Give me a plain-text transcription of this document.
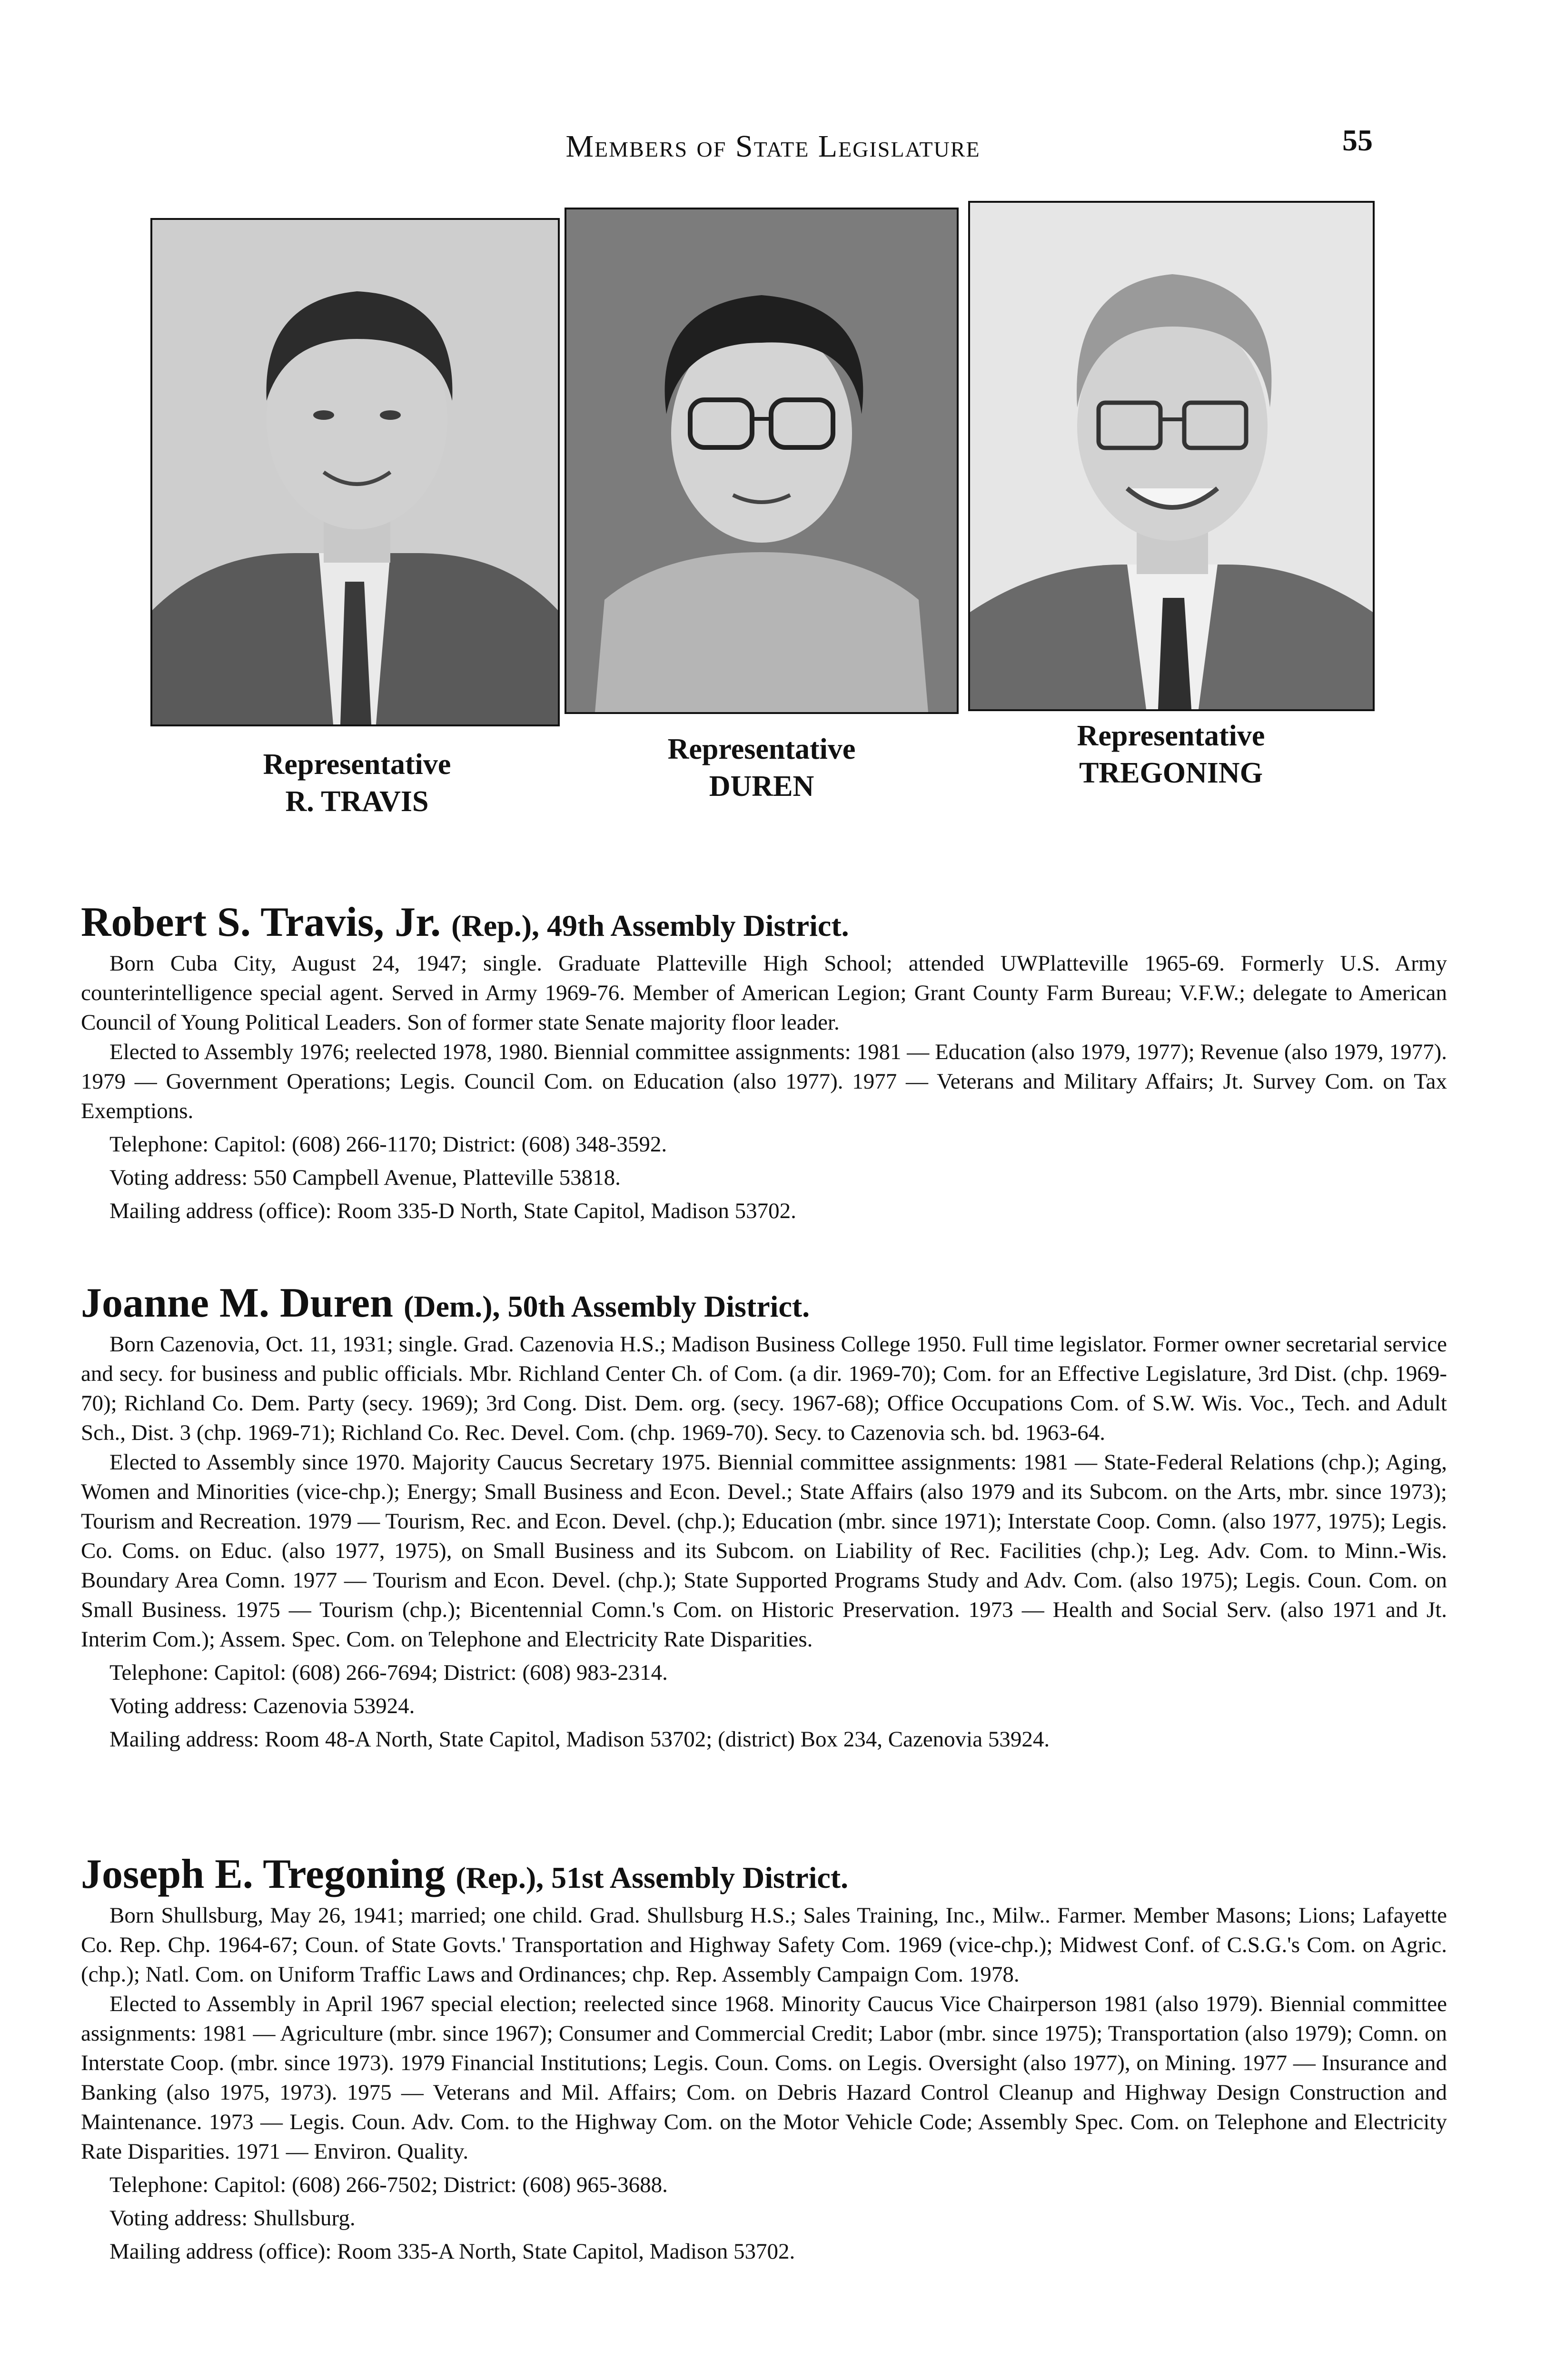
Members of State Legislature	55
Representative
R. TRAVIS
Representative
DUREN
Representative
TREGONING
Robert S. Travis, Jr. (Rep.), 49th Assembly District.

Born Cuba City, August 24, 1947; single. Graduate Platteville High School; attended UWPlatteville 1965-69. Formerly U.S. Army counterintelligence special agent. Served in Army 1969-76. Member of American Legion; Grant County Farm Bureau; V.F.W.; delegate to American Council of Young Political Leaders. Son of former state Senate majority floor leader.

Elected to Assembly 1976; reelected 1978, 1980. Biennial committee assignments: 1981 — Education (also 1979, 1977); Revenue (also 1979, 1977). 1979 — Government Operations; Legis. Council Com. on Education (also 1977). 1977 — Veterans and Military Affairs; Jt. Survey Com. on Tax Exemptions.

Telephone: Capitol: (608) 266-1170; District: (608) 348-3592.

Voting address: 550 Campbell Avenue, Platteville 53818.

Mailing address (office): Room 335-D North, State Capitol, Madison 53702.

Joanne M. Duren (Dem.), 50th Assembly District.

Born Cazenovia, Oct. 11, 1931; single. Grad. Cazenovia H.S.; Madison Business College 1950. Full time legislator. Former owner secretarial service and secy. for business and public officials. Mbr. Richland Center Ch. of Com. (a dir. 1969-70); Com. for an Effective Legislature, 3rd Dist. (chp. 1969-70); Richland Co. Dem. Party (secy. 1969); 3rd Cong. Dist. Dem. org. (secy. 1967-68); Office Occupations Com. of S.W. Wis. Voc., Tech. and Adult Sch., Dist. 3 (chp. 1969-71); Richland Co. Rec. Devel. Com. (chp. 1969-70). Secy. to Cazenovia sch. bd. 1963-64.

Elected to Assembly since 1970. Majority Caucus Secretary 1975. Biennial committee assignments: 1981 — State-Federal Relations (chp.); Aging, Women and Minorities (vice-chp.); Energy; Small Business and Econ. Devel.; State Affairs (also 1979 and its Subcom. on the Arts, mbr. since 1973); Tourism and Recreation. 1979 — Tourism, Rec. and Econ. Devel. (chp.); Education (mbr. since 1971); Interstate Coop. Comn. (also 1977, 1975); Legis. Co. Coms. on Educ. (also 1977, 1975), on Small Business and its Subcom. on Liability of Rec. Facilities (chp.); Leg. Adv. Com. to Minn.-Wis. Boundary Area Comn. 1977 — Tourism and Econ. Devel. (chp.); State Supported Programs Study and Adv. Com. (also 1975); Legis. Coun. Com. on Small Business. 1975 — Tourism (chp.); Bicentennial Comn.'s Com. on Historic Preservation. 1973 — Health and Social Serv. (also 1971 and Jt. Interim Com.); Assem. Spec. Com. on Telephone and Electricity Rate Disparities.

Telephone: Capitol: (608) 266-7694; District: (608) 983-2314.

Voting address: Cazenovia 53924.

Mailing address: Room 48-A North, State Capitol, Madison 53702; (district) Box 234, Cazenovia 53924.

Joseph E. Tregoning (Rep.), 51st Assembly District.

Born Shullsburg, May 26, 1941; married; one child. Grad. Shullsburg H.S.; Sales Training, Inc., Milw.. Farmer. Member Masons; Lions; Lafayette Co. Rep. Chp. 1964-67; Coun. of State Govts.' Transportation and Highway Safety Com. 1969 (vice-chp.); Midwest Conf. of C.S.G.'s Com. on Agric. (chp.); Natl. Com. on Uniform Traffic Laws and Ordinances; chp. Rep. Assembly Campaign Com. 1978.

Elected to Assembly in April 1967 special election; reelected since 1968. Minority Caucus Vice Chairperson 1981 (also 1979). Biennial committee assignments: 1981 — Agriculture (mbr. since 1967); Consumer and Commercial Credit; Labor (mbr. since 1975); Transportation (also 1979); Comn. on Interstate Coop. (mbr. since 1973). 1979 Financial Institutions; Legis. Coun. Coms. on Legis. Oversight (also 1977), on Mining. 1977 — Insurance and Banking (also 1975, 1973). 1975 — Veterans and Mil. Affairs; Com. on Debris Hazard Control Cleanup and Highway Design Construction and Maintenance. 1973 — Legis. Coun. Adv. Com. to the Highway Com. on the Motor Vehicle Code; Assembly Spec. Com. on Telephone and Electricity Rate Disparities. 1971 — Environ. Quality.

Telephone: Capitol: (608) 266-7502; District: (608) 965-3688.

Voting address: Shullsburg.

Mailing address (office): Room 335-A North, State Capitol, Madison 53702.
